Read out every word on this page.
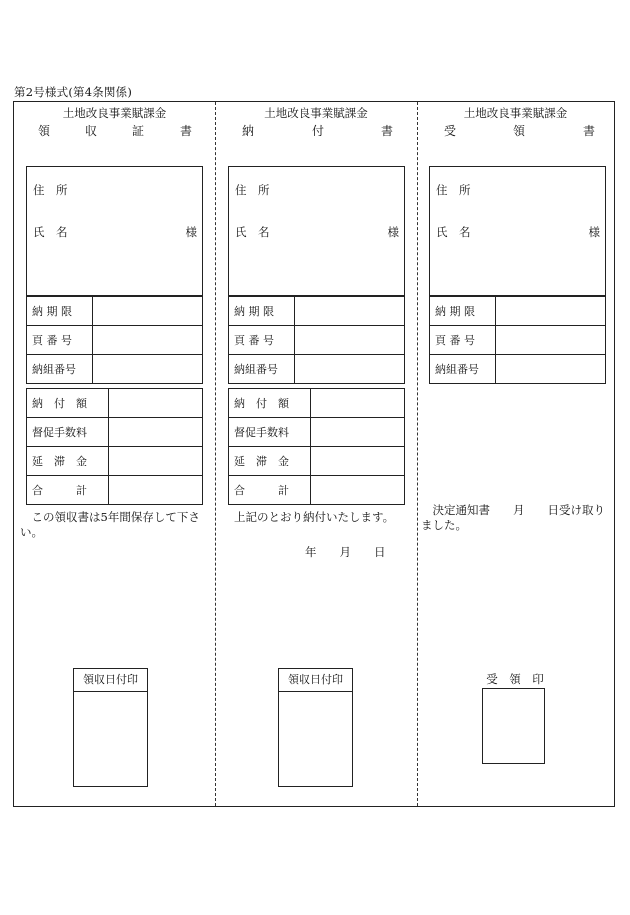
第2号様式(第4条関係)
土地改良事業賦課金
領	収	証	書
住　所
氏　名	様
納 期 限	
頁 番 号	
納組番号	
納　付　額	
督促手数料	
延　滞　金	
合　　　計	
　この領収書は5年間保存して下さい。
領収日付印
土地改良事業賦課金
納	付	書
住　所
氏　名	様
納 期 限	
頁 番 号	
納組番号	
納　付　額	
督促手数料	
延　滞　金	
合　　　計	
上記のとおり納付いたします。
年　　月　　日
領収日付印
土地改良事業賦課金
受	領	書
住　所
氏　名	様
納 期 限	
頁 番 号	
納組番号	
　決定通知書　　月　　日受け取りました。
受　領　印
